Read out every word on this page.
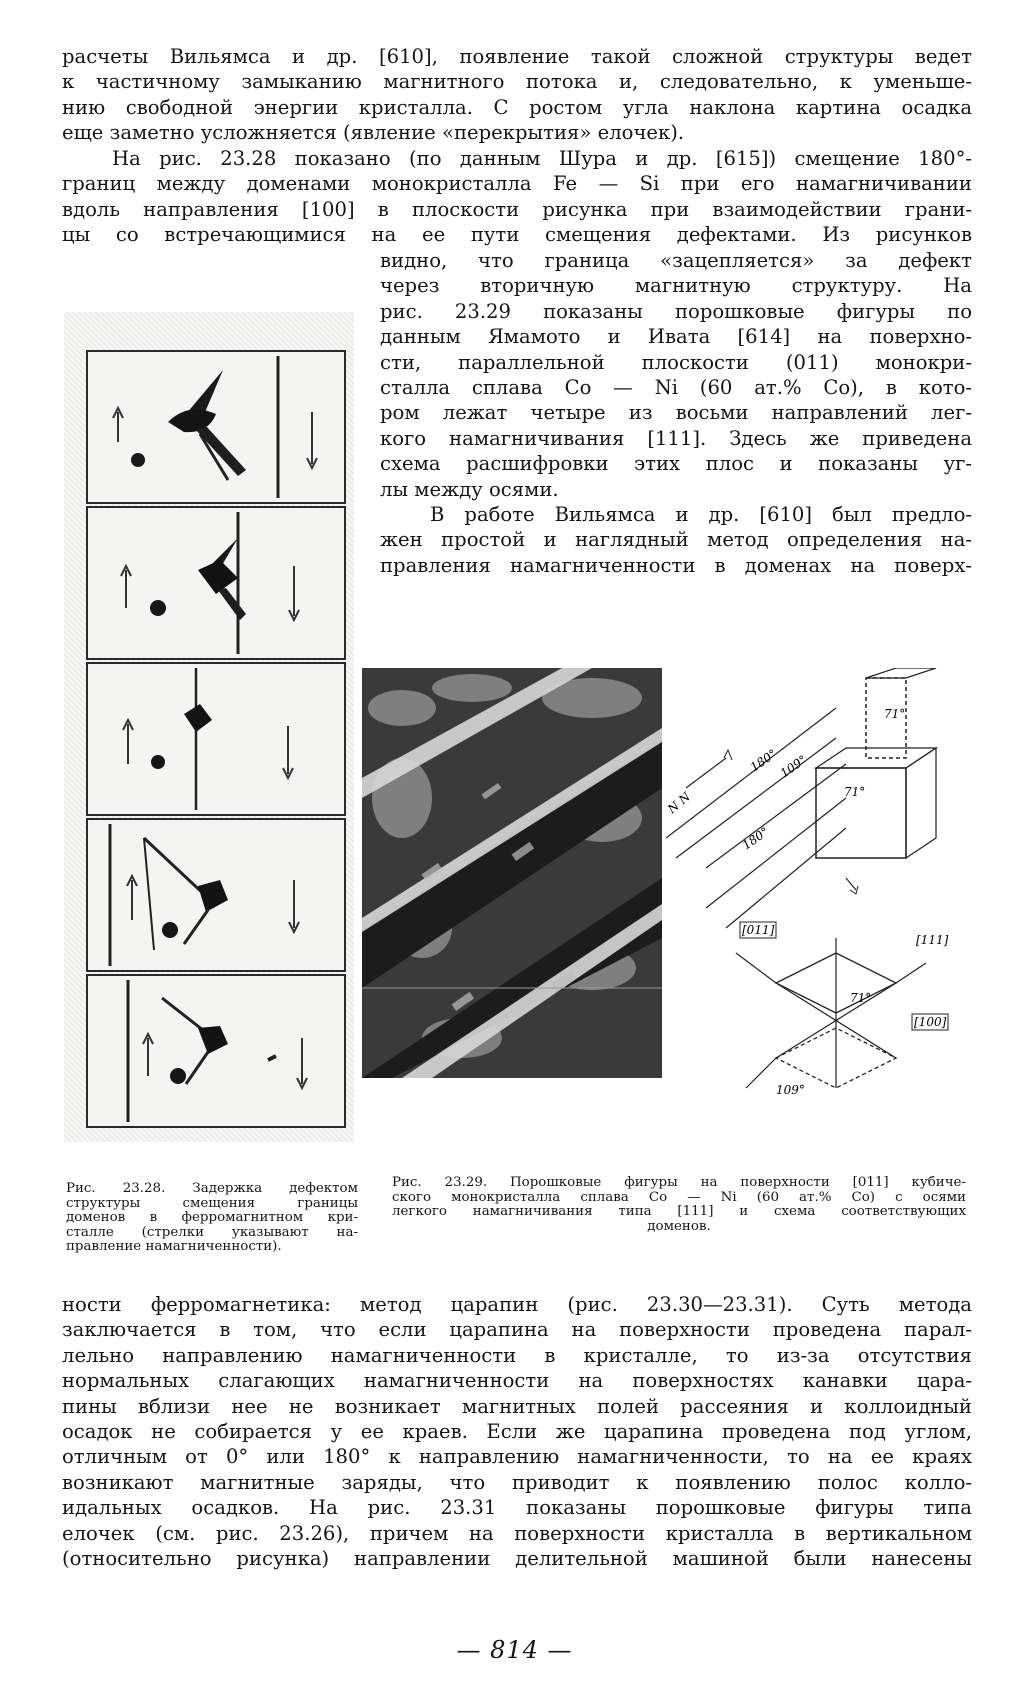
расчеты Вильямса и др. [610], появление такой сложной структуры ведет
к частичному замыканию магнитного потока и, следовательно, к уменьше-
нию свободной энергии кристалла. С ростом угла наклона картина осадка
еще заметно усложняется (явление «перекрытия» елочек).

На рис. 23.28 показано (по данным Шура и др. [615]) смещение 180°-
границ между доменами монокристалла Fe — Si при его намагничивании
вдоль направления [100] в плоскости рисунка при взаимодействии грани-
цы со встречающимися на ее пути смещения дефектами. Из рисунков

видно, что граница «зацепляется» за дефект
через вторичную магнитную структуру. На
рис. 23.29 показаны порошковые фигуры по
данным Ямамото и Ивата [614] на поверхно-
сти, параллельной плоскости (011) монокри-
сталла сплава Co — Ni (60 ат.% Co), в кото-
ром лежат четыре из восьми направлений лег-
кого намагничивания [111]. Здесь же приведена
схема расшифровки этих плос и показаны уг-
лы между осями.

В работе Вильямса и др. [610] был предло-
жен простой и наглядный метод определения на-
правления намагниченности в доменах на поверх-

71°
180°
109°
71°
180°
N N
[011]
[111]
[100]
71°
109°

Рис. 23.28. Задержка дефектом
структуры смещения границы
доменов в ферромагнитном кри-
сталле (стрелки указывают на-
правление намагниченности).

Рис. 23.29. Порошковые фигуры на поверхности [011] кубиче-
ского монокристалла сплава Co — Ni (60 ат.% Co) с осями
легкого намагничивания типа [111] и схема соответствующих
доменов.

ности ферромагнетика: метод царапин (рис. 23.30—23.31). Суть метода
заключается в том, что если царапина на поверхности проведена парал-
лельно направлению намагниченности в кристалле, то из-за отсутствия
нормальных слагающих намагниченности на поверхностях канавки цара-
пины вблизи нее не возникает магнитных полей рассеяния и коллоидный
осадок не собирается у ее краев. Если же царапина проведена под углом,
отличным от 0° или 180° к направлению намагниченности, то на ее краях
возникают магнитные заряды, что приводит к появлению полос колло-
идальных осадков. На рис. 23.31 показаны порошковые фигуры типа
елочек (см. рис. 23.26), причем на поверхности кристалла в вертикальном
(относительно рисунка) направлении делительной машиной были нанесены

— 814 —
